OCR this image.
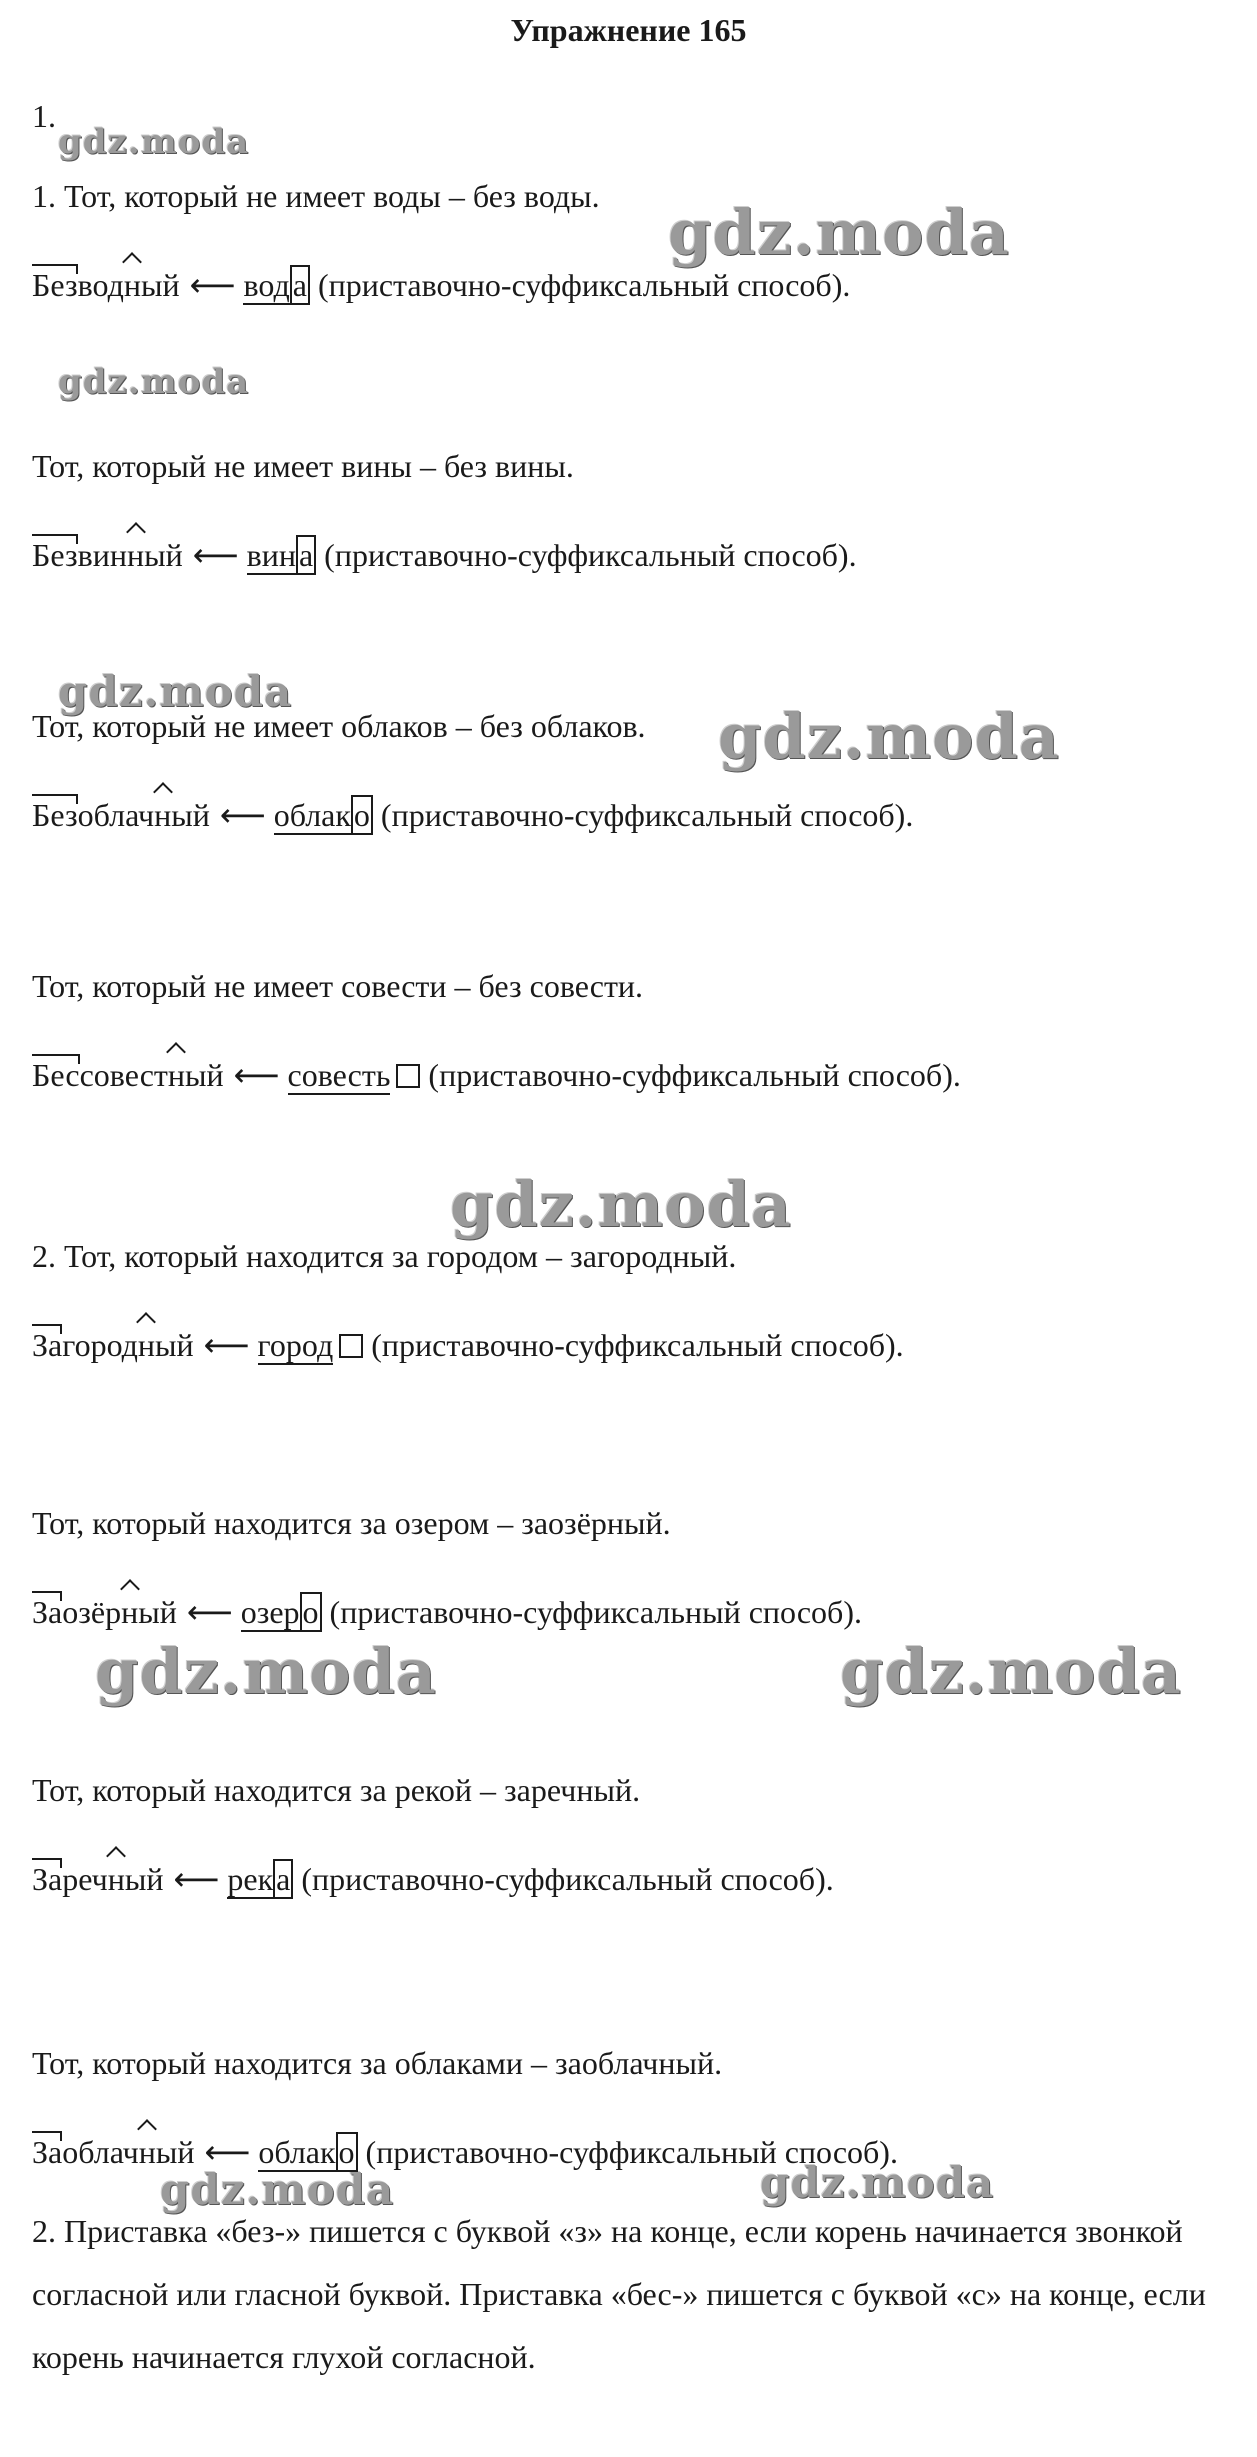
Упражнение 165
gdz.moda
gdz.moda
gdz.moda
gdz.moda
gdz.moda
gdz.moda
gdz.moda	gdz.moda
gdz.moda	gdz.moda
1.
1. Тот, который не имеет воды – без воды.
Безводный ⟵ вода (приставочно-суффиксальный способ).
Тот, который не имеет вины – без вины.
Безвинный ⟵ вина (приставочно-суффиксальный способ).
Тот, который не имеет облаков – без облаков.
Безоблачный ⟵ облако (приставочно-суффиксальный способ).
Тот, который не имеет совести – без совести.
Бессовестный ⟵ совесть (приставочно-суффиксальный способ).
2. Тот, который находится за городом – загородный.
Загородный ⟵ город (приставочно-суффиксальный способ).
Тот, который находится за озером – заозёрный.
Заозёрный ⟵ озеро (приставочно-суффиксальный способ).
Тот, который находится за рекой – заречный.
Заречный ⟵ река (приставочно-суффиксальный способ).
Тот, который находится за облаками – заоблачный.
Заоблачный ⟵ облако (приставочно-суффиксальный способ).
2. Приставка «без-» пишется с буквой «з» на конце, если корень начинается звонкой согласной или гласной буквой. Приставка «бес-» пишется с буквой «с» на конце, если корень начинается глухой согласной.
